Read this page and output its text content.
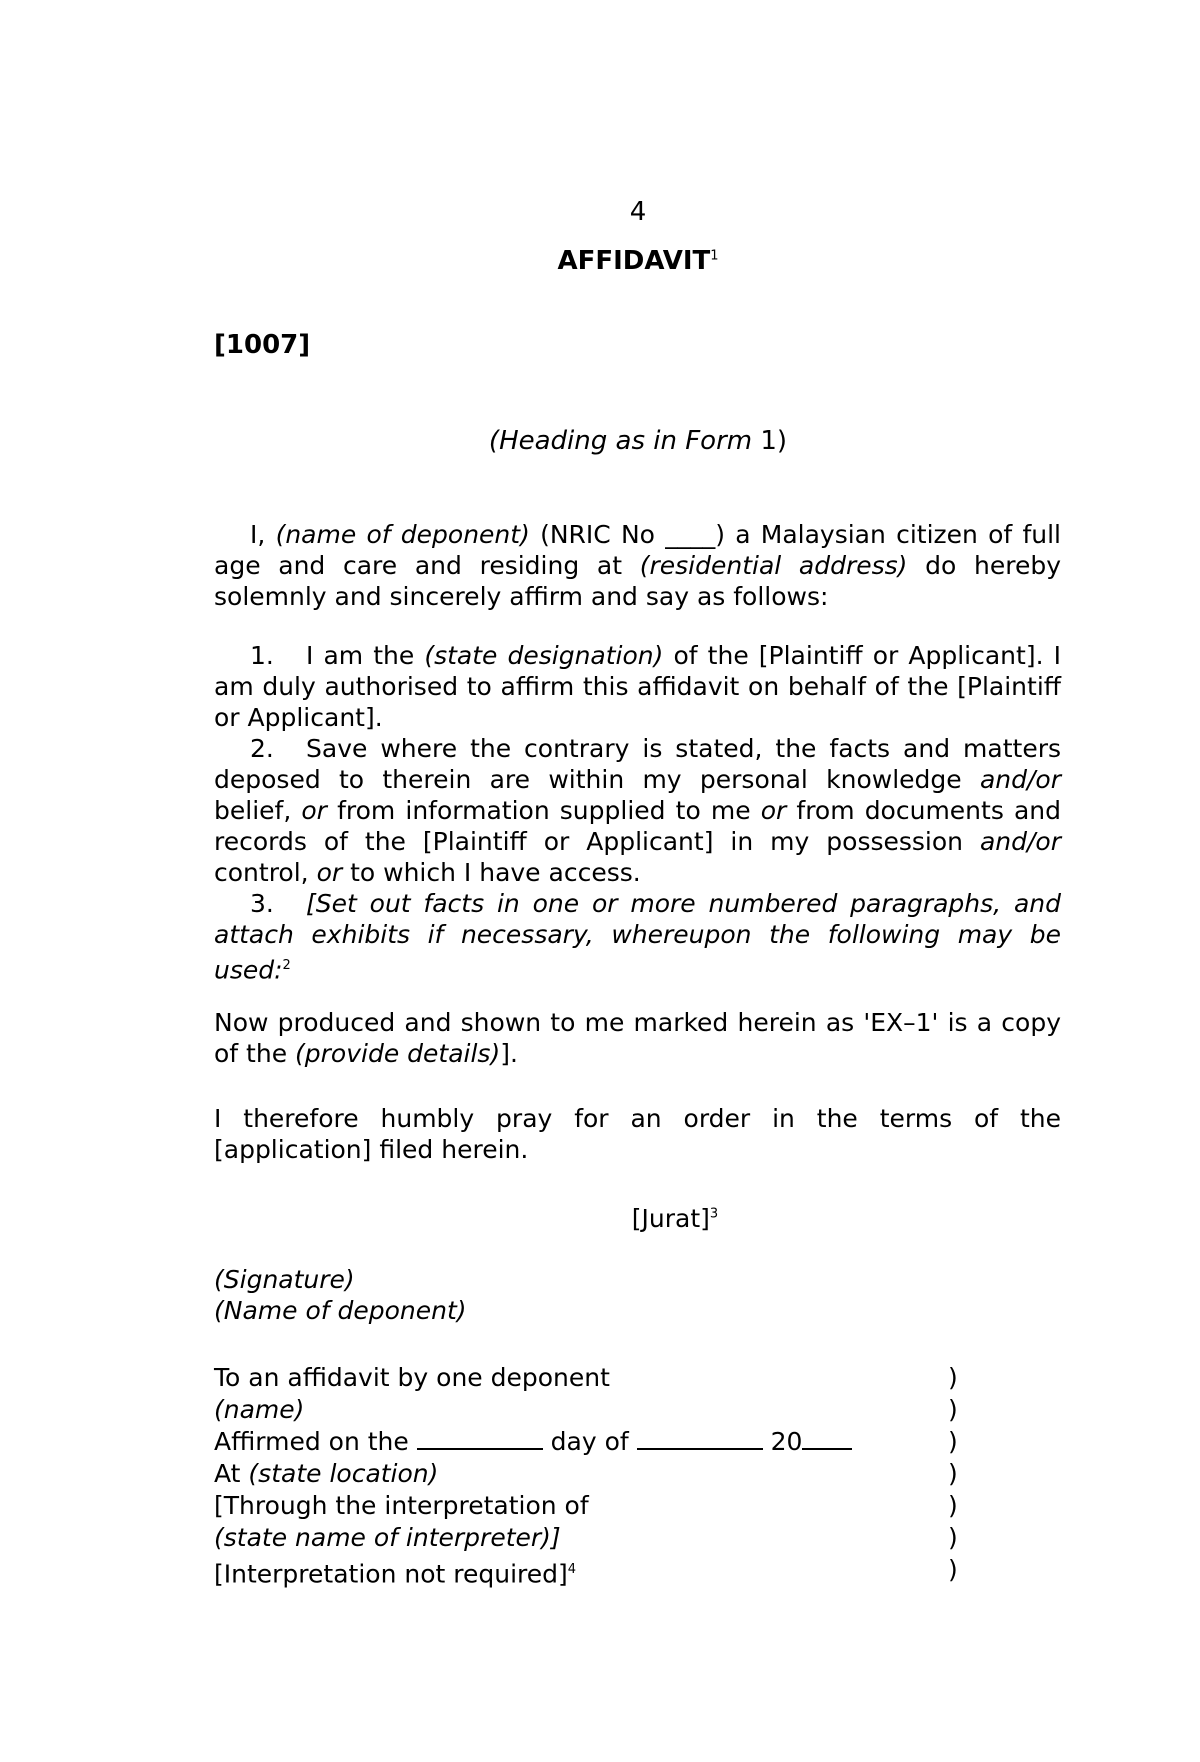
4
AFFIDAVIT$^1$
[1007]
(Heading as in Form 1)

I, (name of deponent) (NRIC No ____) a Malaysian citizen of full age and care and residing at (residential address) do hereby solemnly and sincerely affirm and say as follows:

1. I am the (state designation) of the [Plaintiff or Applicant]. I am duly authorised to affirm this affidavit on behalf of the [Plaintiff or Applicant].

2. Save where the contrary is stated, the facts and matters deposed to therein are within my personal knowledge and/or belief, or from information supplied to me or from documents and records of the [Plaintiff or Applicant] in my possession and/or control, or to which I have access.

3. [Set out facts in one or more numbered paragraphs, and attach exhibits if necessary, whereupon the following may be used:$^2$

Now produced and shown to me marked herein as 'EX–1' is a copy of the (provide details)].

I therefore humbly pray for an order in the terms of the [application] filed herein.

[Jurat]$^3$
(Signature)
(Name of deponent)
To an affidavit by one deponent	)
(name)	)
Affirmed on the	day of	20	)
At (state location)	)
[Through the interpretation of	)
(state name of interpreter)]	)
[Interpretation not required]$^4$	)
